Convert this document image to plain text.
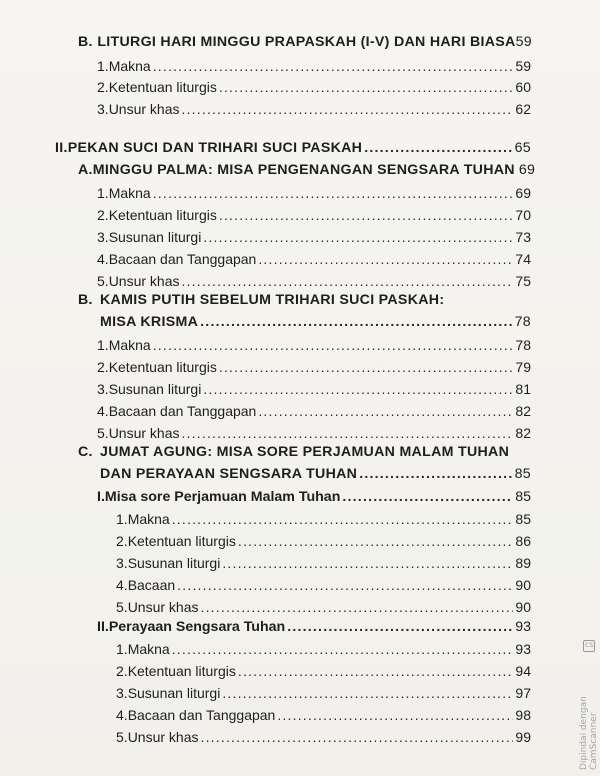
B. LITURGI HARI MINGGU PRAPASKAH (I-V) DAN HARI BIASA 59
1. Makna .....	59
2. Ketentuan liturgis .....	60
3. Unsur khas .....	62
II. PEKAN SUCI DAN TRIHARI SUCI PASKAH .....	65
A. MINGGU PALMA: MISA PENGENANGAN SENGSARA TUHAN 69
1. Makna .....	69
2. Ketentuan liturgis .....	70
3. Susunan liturgi .....	73
4. Bacaan dan Tanggapan .....	74
5. Unsur khas .....	75
B. KAMIS PUTIH SEBELUM TRIHARI SUCI PASKAH:
MISA KRISMA .....	78
1. Makna .....	78
2. Ketentuan liturgis .....	79
3. Susunan liturgi .....	81
4. Bacaan dan Tanggapan .....	82
5. Unsur khas .....	82
C. JUMAT AGUNG: MISA SORE PERJAMUAN MALAM TUHAN
DAN PERAYAAN SENGSARA TUHAN .....	85
I. Misa sore Perjamuan Malam Tuhan .....	85
1. Makna .....	85
2. Ketentuan liturgis .....	86
3. Susunan liturgi .....	89
4. Bacaan .....	90
5. Unsur khas .....	90
II. Perayaan Sengsara Tuhan .....	93
1. Makna .....	93
2. Ketentuan liturgis .....	94
3. Susunan liturgi .....	97
4. Bacaan dan Tanggapan .....	98
5. Unsur khas .....	99
CS
Dipindai dengan CamScanner
